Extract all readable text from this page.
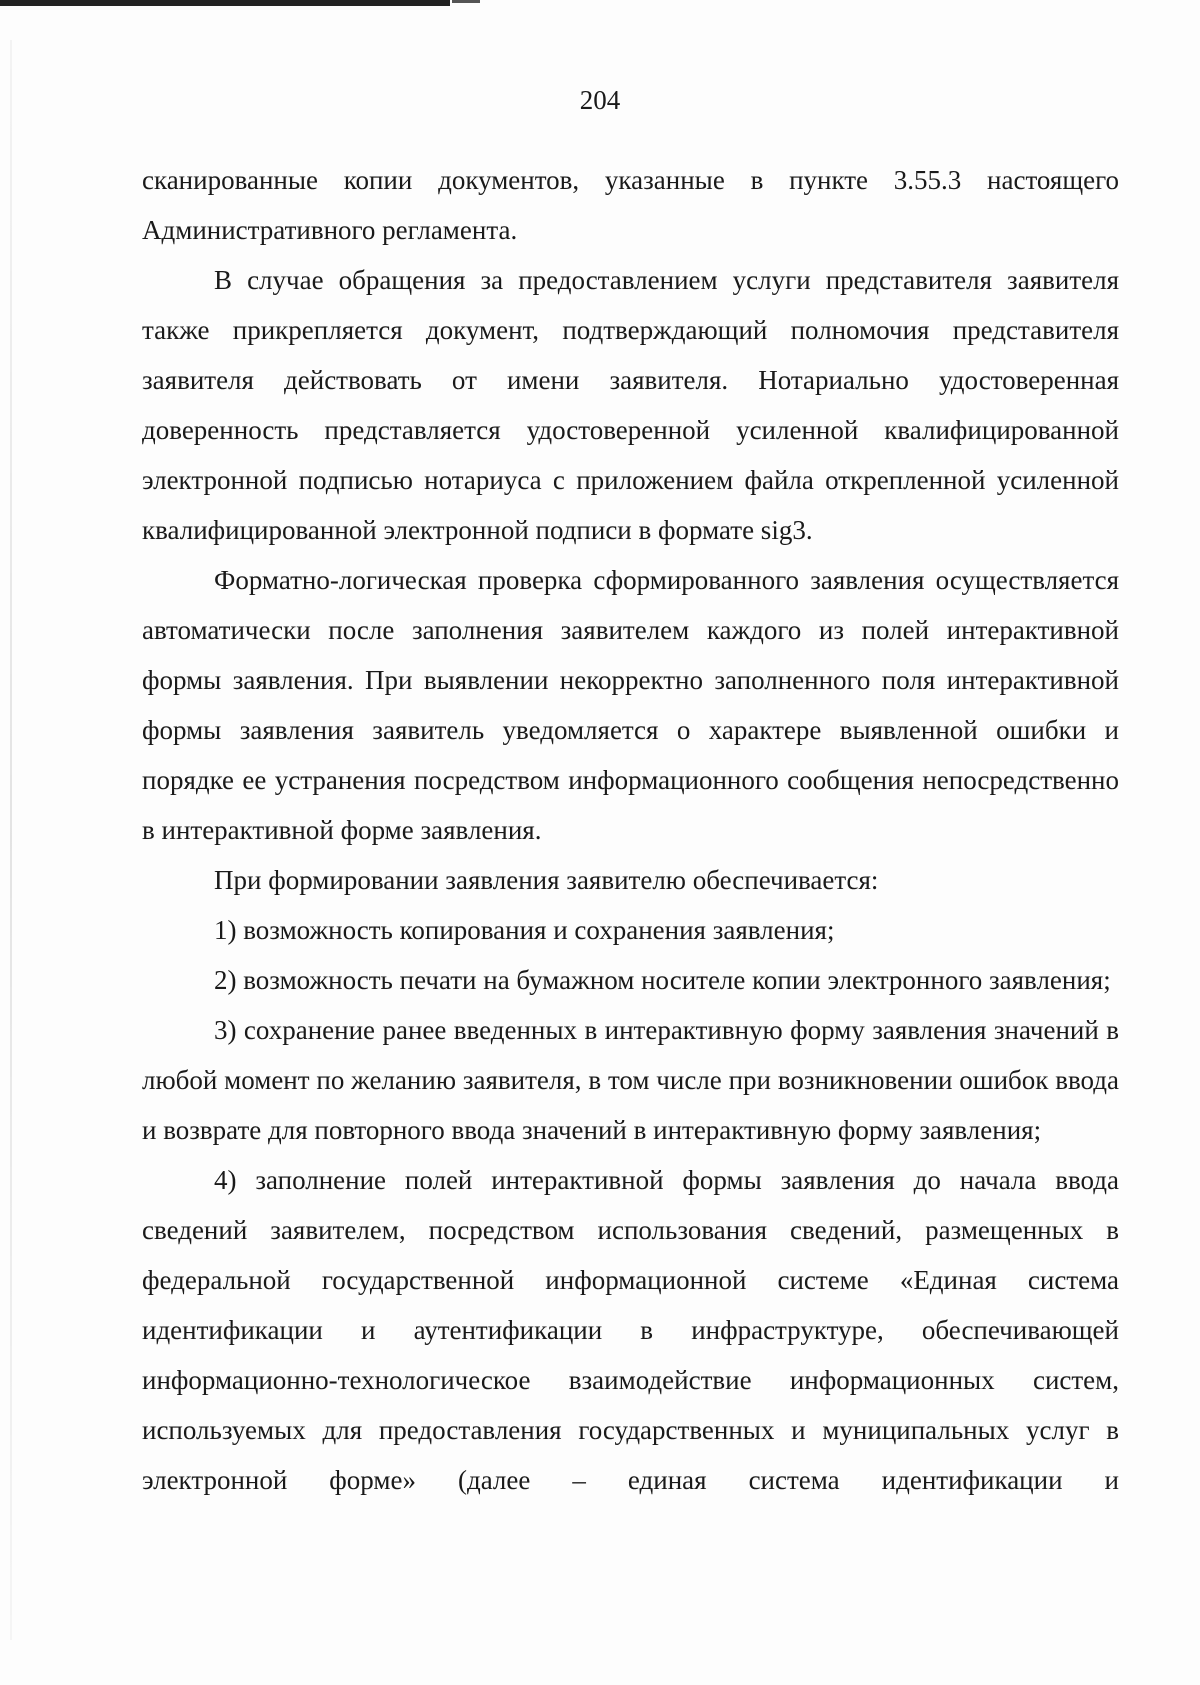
204

сканированные копии документов, указанные в пункте 3.55.3 настоящего Административного регламента.

В случае обращения за предоставлением услуги представителя заявителя также прикрепляется документ, подтверждающий полномочия представителя заявителя действовать от имени заявителя. Нотариально удостоверенная доверенность представляется удостоверенной усиленной квалифицированной электронной подписью нотариуса с приложением файла открепленной усиленной квалифицированной электронной подписи в формате sig3.

Форматно-логическая проверка сформированного заявления осуществляется автоматически после заполнения заявителем каждого из полей интерактивной формы заявления. При выявлении некорректно заполненного поля интерактивной формы заявления заявитель уведомляется о характере выявленной ошибки и порядке ее устранения посредством информационного сообщения непосредственно в интерактивной форме заявления.

При формировании заявления заявителю обеспечивается:

1) возможность копирования и сохранения заявления;

2) возможность печати на бумажном носителе копии электронного заявления;

3) сохранение ранее введенных в интерактивную форму заявления значений в любой момент по желанию заявителя, в том числе при возникновении ошибок ввода и возврате для повторного ввода значений в интерактивную форму заявления;

4) заполнение полей интерактивной формы заявления до начала ввода сведений заявителем, посредством использования сведений, размещенных в федеральной государственной информационной системе «Единая система идентификации и аутентификации в инфраструктуре, обеспечивающей информационно-технологическое взаимодействие информационных систем, используемых для предоставления государственных и муниципальных услуг в электронной форме» (далее – единая система идентификации и
